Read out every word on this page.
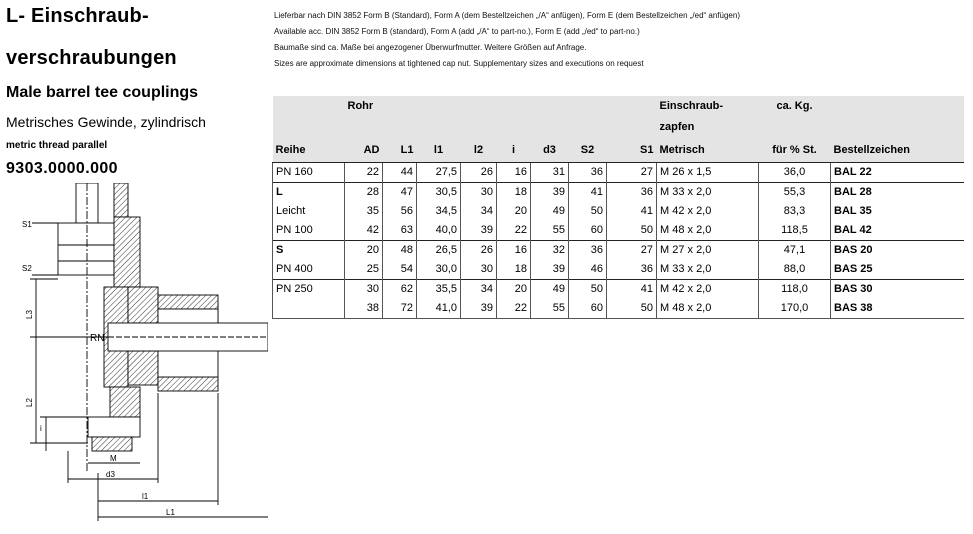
L- Einschraub-
verschraubungen
Male barrel tee couplings
Metrisches Gewinde, zylindrisch
metric thread parallel
9303.0000.000
Lieferbar nach DIN 3852 Form B (Standard), Form A (dem Bestellzeichen „/A“ anfügen), Form E (dem Bestellzeichen „/ed“ anfügen)
Available acc. DIN 3852 Form B (standard), Form A (add „/A“ to part-no.), Form E (add „/ed“ to part-no.)
Baumaße sind ca. Maße bei angezogener Überwurfmutter. Weitere Größen auf Anfrage.
Sizes are approximate dimensions at tightened cap nut. Supplementary sizes and executions on request
	Rohr								Einschraub-	ca. Kg.	
									zapfen		
Reihe	AD	L1	l1	l2	i	d3	S2	S1	Metrisch	für % St.	Bestellzeichen
PN 160	22	44	27,5	26	16	31	36	27	M 26 x 1,5	36,0	BAL 22
L	28	47	30,5	30	18	39	41	36	M 33 x 2,0	55,3	BAL 28
Leicht	35	56	34,5	34	20	49	50	41	M 42 x 2,0	83,3	BAL 35
PN 100	42	63	40,0	39	22	55	60	50	M 48 x 2,0	118,5	BAL 42
S	20	48	26,5	26	16	32	36	27	M 27 x 2,0	47,1	BAS 20
PN 400	25	54	30,0	30	18	39	46	36	M 33 x 2,0	88,0	BAS 25
PN 250	30	62	35,5	34	20	49	50	41	M 42 x 2,0	118,0	BAS 30
	38	72	41,0	39	22	55	60	50	M 48 x 2,0	170,0	BAS 38
S1
S2
L3
L2
i
RN
M
d3
l1
L1
